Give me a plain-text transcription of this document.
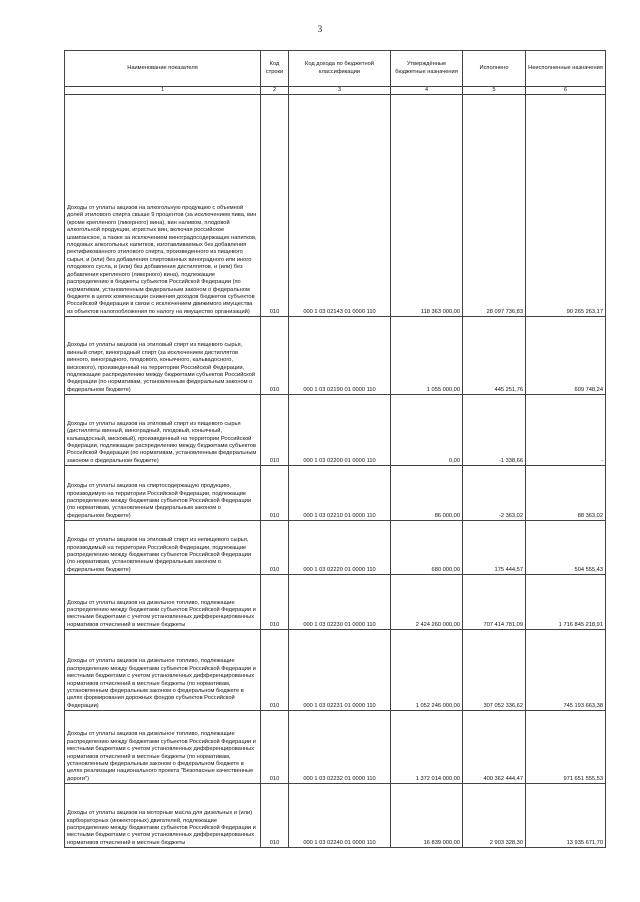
3
Наименование показателя	Код строки	Код дохода по бюджетной классификации	Утверждённые бюджетные назначения	Исполнено	Неисполненные назначения
1	2	3	4	5	6
Доходы от уплаты акцизов на алкогольную продукцию с объемной долей этилового спирта свыше 9 процентов (за исключением пива, вин (кроме крепленого (ликерного) вина), вин наливом, плодовой алкогольной продукции, игристых вин, включая российское шампанское, а также за исключением виноградосодержащих напитков, плодовых алкогольных напитков, изготавливаемых без добавления ректификованного этилового спирта, произведенного из пищевого сырья, и (или) без добавления спиртованных виноградного или иного плодового сусла, и (или) без добавления дистиллятов, и (или) без добавления крепленого (ликерного) вина), подлежащие распределению в бюджеты субъектов Российской Федерации (по нормативам, установленным федеральным законом о федеральном бюджете в целях компенсации снижения доходов бюджетов субъектов Российской Федерации в связи с исключением движимого имущества из объектов налогообложения по налогу на имущество организаций)	010	000 1 03 02143 01 0000 110	118 363 000,00	28 097 736,83	90 265 263,17
Доходы от уплаты акцизов на этиловый спирт из пищевого сырья, винный спирт, виноградный спирт (за исключением дистиллятов винного, виноградного, плодового, коньячного, кальвадосного, вискового), произведенный на территории Российской Федерации, подлежащие распределению между бюджетами субъектов Российской Федерации (по нормативам, установленным федеральным законом о федеральном бюджете)	010	000 1 03 02190 01 0000 110	1 055 000,00	445 251,76	609 748,24
Доходы от уплаты акцизов на этиловый спирт из пищевого сырья (дистилляты винный, виноградный, плодовый, коньячный, кальвадосный, висковый), произведенный на территории Российской Федерации, подлежащие распределению между бюджетами субъектов Российской Федерации (по нормативам, установленным федеральным законом о федеральном бюджете)	010	000 1 03 02200 01 0000 110	0,00	-1 338,66	-
Доходы от уплаты акцизов на спиртосодержащую продукцию, производимую на территории Российской Федерации, подлежащие распределению между бюджетами субъектов Российской Федерации (по нормативам, установленным федеральным законом о федеральном бюджете)	010	000 1 03 02210 01 0000 110	86 000,00	-2 363,02	88 363,02
Доходы от уплаты акцизов на этиловый спирт из непищевого сырья, производимый на территории Российской Федерации, подлежащие распределению между бюджетами субъектов Российской Федерации (по нормативам, установленным федеральным законом о федеральном бюджете)	010	000 1 03 02220 01 0000 110	680 000,00	175 444,57	504 555,43
Доходы от уплаты акцизов на дизельное топливо, подлежащие распределению между бюджетами субъектов Российской Федерации и местными бюджетами с учетом установленных дифференцированных нормативов отчислений в местные бюджеты	010	000 1 03 02230 01 0000 110	2 424 260 000,00	707 414 781,09	1 716 845 218,91
Доходы от уплаты акцизов на дизельное топливо, подлежащие распределению между бюджетами субъектов Российской Федерации и местными бюджетами с учетом установленных дифференцированных нормативов отчислений в местные бюджеты (по нормативам, установленным федеральным законом о федеральном бюджете в целях формирования дорожных фондов субъектов Российской Федерации)	010	000 1 03 02231 01 0000 110	1 052 246 000,00	307 052 336,62	745 193 663,38
Доходы от уплаты акцизов на дизельное топливо, подлежащие распределению между бюджетами субъектов Российской Федерации и местными бюджетами с учетом установленных дифференцированных нормативов отчислений в местные бюджеты (по нормативам, установленным федеральным законом о федеральном бюджете в целях реализации национального проекта "Безопасные качественные дороги")	010	000 1 03 02232 01 0000 110	1 372 014 000,00	400 362 444,47	971 651 555,53
Доходы от уплаты акцизов на моторные масла для дизельных и (или) карбюраторных (инжекторных) двигателей, подлежащие распределению между бюджетами субъектов Российской Федерации и местными бюджетами с учетом установленных дифференцированных нормативов отчислений в местные бюджеты	010	000 1 03 02240 01 0000 110	16 839 000,00	2 903 328,30	13 935 671,70
